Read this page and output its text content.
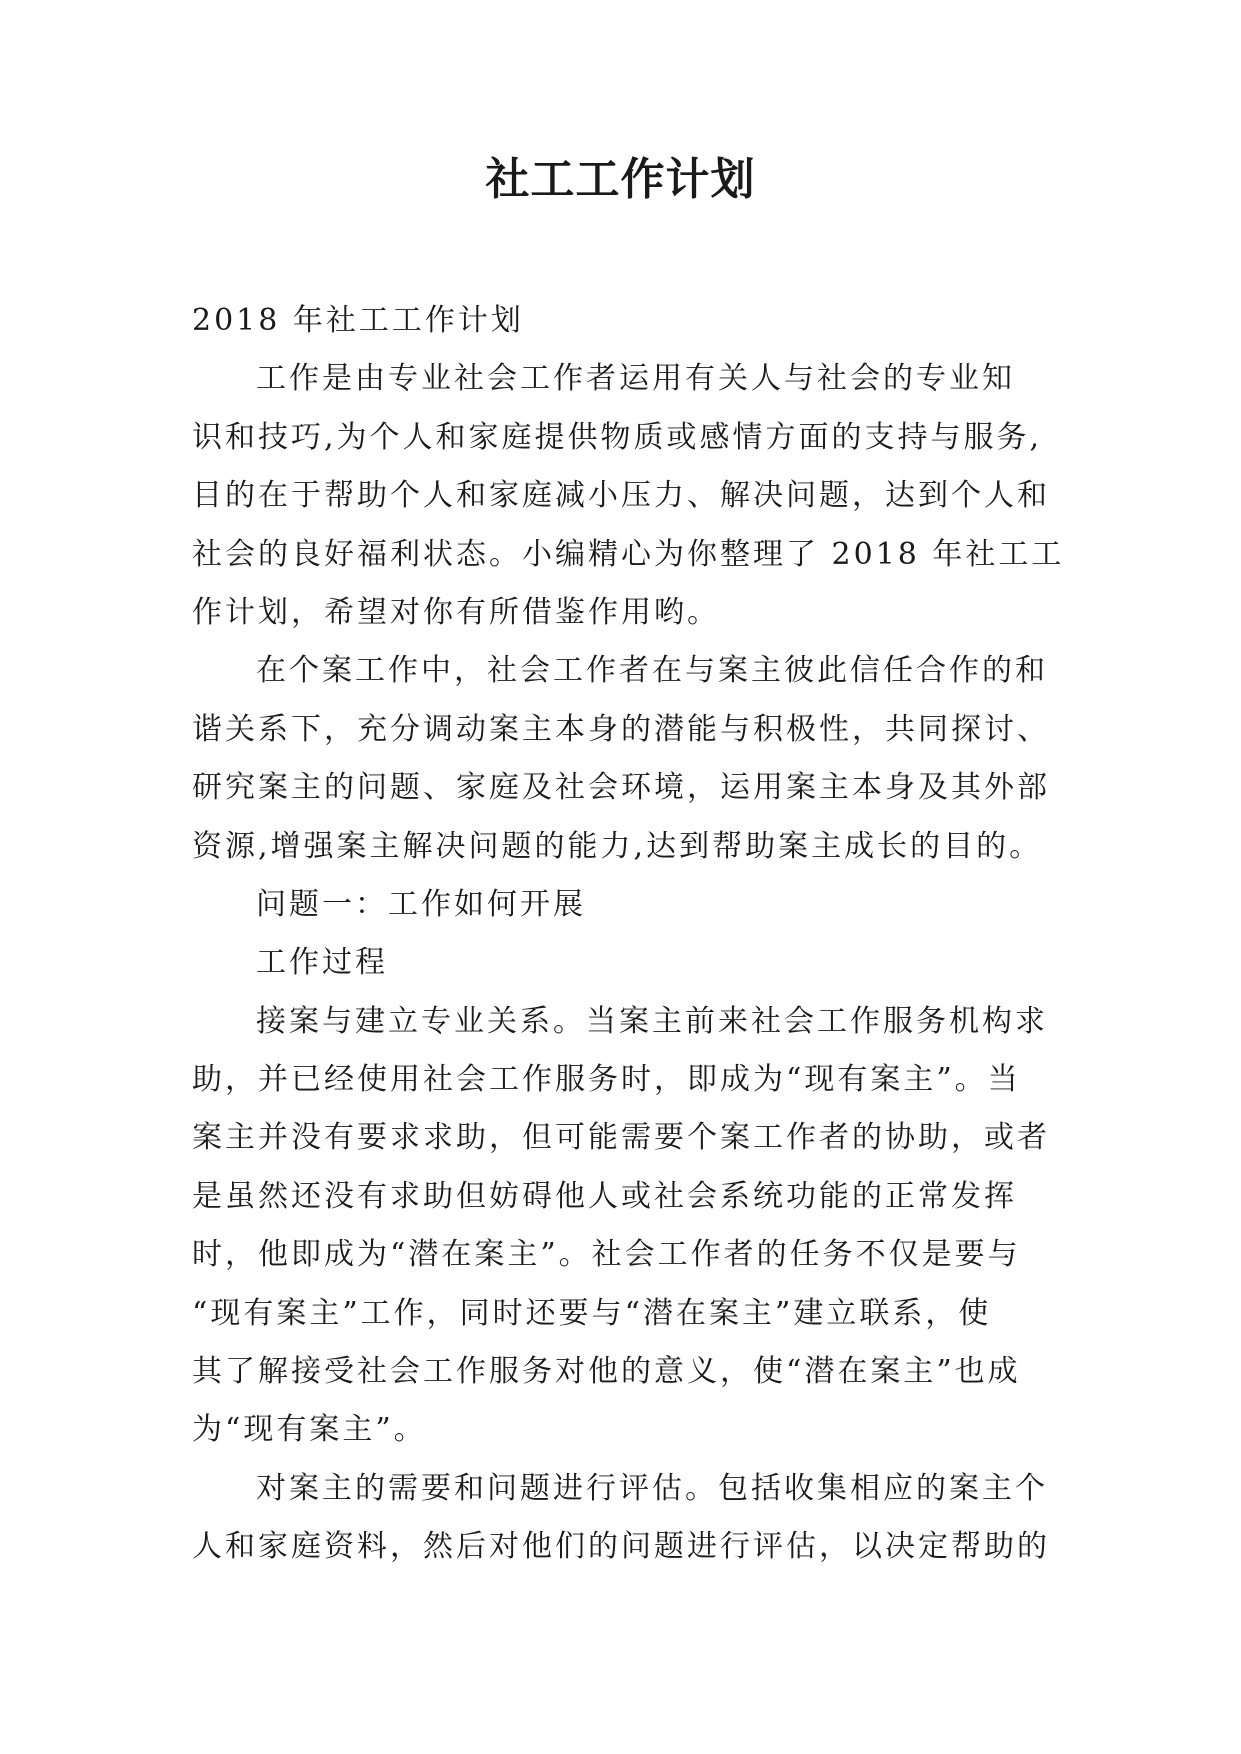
社工工作计划
2018 年社工工作计划
工作是由专业社会工作者运用有关人与社会的专业知
识和技巧,为个人和家庭提供物质或感情方面的支持与服务,
目的在于帮助个人和家庭减小压力、解决问题，达到个人和
社会的良好福利状态。小编精心为你整理了 2018 年社工工
作计划，希望对你有所借鉴作用哟。
在个案工作中，社会工作者在与案主彼此信任合作的和
谐关系下，充分调动案主本身的潜能与积极性，共同探讨、
研究案主的问题、家庭及社会环境，运用案主本身及其外部
资源,增强案主解决问题的能力,达到帮助案主成长的目的。
问题一：工作如何开展
工作过程
接案与建立专业关系。当案主前来社会工作服务机构求
助，并已经使用社会工作服务时，即成为“现有案主”。当
案主并没有要求求助，但可能需要个案工作者的协助，或者
是虽然还没有求助但妨碍他人或社会系统功能的正常发挥
时，他即成为“潜在案主”。社会工作者的任务不仅是要与
“现有案主”工作，同时还要与“潜在案主”建立联系，使
其了解接受社会工作服务对他的意义，使“潜在案主”也成
为“现有案主”。
对案主的需要和问题进行评估。包括收集相应的案主个
人和家庭资料，然后对他们的问题进行评估，以决定帮助的
